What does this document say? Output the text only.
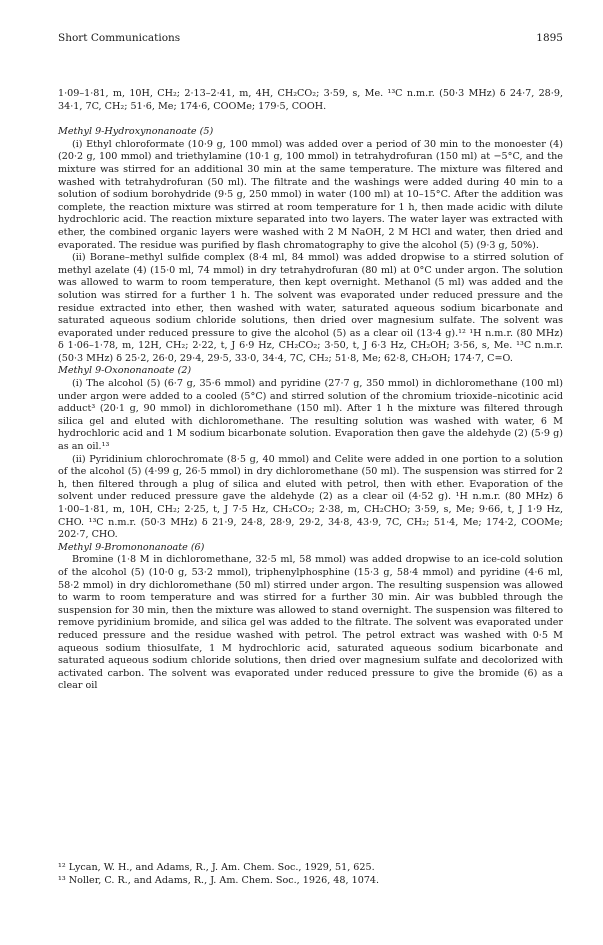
Short Communications	1895

1·09–1·81, m, 10H, CH₂; 2·13–2·41, m, 4H, CH₂CO₂; 3·59, s, Me. ¹³C n.m.r. (50·3 MHz) δ 24·7, 28·9, 34·1, 7C, CH₂; 51·6, Me; 174·6, COOMe; 179·5, COOH.

Methyl 9-Hydroxynonanoate (5)

(i) Ethyl chloroformate (10·9 g, 100 mmol) was added over a period of 30 min to the monoester (4) (20·2 g, 100 mmol) and triethylamine (10·1 g, 100 mmol) in tetrahydrofuran (150 ml) at −5°C, and the mixture was stirred for an additional 30 min at the same temperature. The mixture was filtered and washed with tetrahydrofuran (50 ml). The filtrate and the washings were added during 40 min to a solution of sodium borohydride (9·5 g, 250 mmol) in water (100 ml) at 10–15°C. After the addition was complete, the reaction mixture was stirred at room temperature for 1 h, then made acidic with dilute hydrochloric acid. The reaction mixture separated into two layers. The water layer was extracted with ether, the combined organic layers were washed with 2 M NaOH, 2 M HCl and water, then dried and evaporated. The residue was purified by flash chromatography to give the alcohol (5) (9·3 g, 50%).

(ii) Borane–methyl sulfide complex (8·4 ml, 84 mmol) was added dropwise to a stirred solution of methyl azelate (4) (15·0 ml, 74 mmol) in dry tetrahydrofuran (80 ml) at 0°C under argon. The solution was allowed to warm to room temperature, then kept overnight. Methanol (5 ml) was added and the solution was stirred for a further 1 h. The solvent was evaporated under reduced pressure and the residue extracted into ether, then washed with water, saturated aqueous sodium bicarbonate and saturated aqueous sodium chloride solutions, then dried over magnesium sulfate. The solvent was evaporated under reduced pressure to give the alcohol (5) as a clear oil (13·4 g).¹² ¹H n.m.r. (80 MHz) δ 1·06–1·78, m, 12H, CH₂; 2·22, t, J 6·9 Hz, CH₂CO₂; 3·50, t, J 6·3 Hz, CH₂OH; 3·56, s, Me. ¹³C n.m.r. (50·3 MHz) δ 25·2, 26·0, 29·4, 29·5, 33·0, 34·4, 7C, CH₂; 51·8, Me; 62·8, CH₂OH; 174·7, C=O.

Methyl 9-Oxononanoate (2)

(i) The alcohol (5) (6·7 g, 35·6 mmol) and pyridine (27·7 g, 350 mmol) in dichloromethane (100 ml) under argon were added to a cooled (5°C) and stirred solution of the chromium trioxide–nicotinic acid adduct³ (20·1 g, 90 mmol) in dichloromethane (150 ml). After 1 h the mixture was filtered through silica gel and eluted with dichloromethane. The resulting solution was washed with water, 6 M hydrochloric acid and 1 M sodium bicarbonate solution. Evaporation then gave the aldehyde (2) (5·9 g) as an oil.¹³

(ii) Pyridinium chlorochromate (8·5 g, 40 mmol) and Celite were added in one portion to a solution of the alcohol (5) (4·99 g, 26·5 mmol) in dry dichloromethane (50 ml). The suspension was stirred for 2 h, then filtered through a plug of silica and eluted with petrol, then with ether. Evaporation of the solvent under reduced pressure gave the aldehyde (2) as a clear oil (4·52 g). ¹H n.m.r. (80 MHz) δ 1·00–1·81, m, 10H, CH₂; 2·25, t, J 7·5 Hz, CH₂CO₂; 2·38, m, CH₂CHO; 3·59, s, Me; 9·66, t, J 1·9 Hz, CHO. ¹³C n.m.r. (50·3 MHz) δ 21·9, 24·8, 28·9, 29·2, 34·8, 43·9, 7C, CH₂; 51·4, Me; 174·2, COOMe; 202·7, CHO.

Methyl 9-Bromononanoate (6)

Bromine (1·8 M in dichloromethane, 32·5 ml, 58 mmol) was added dropwise to an ice-cold solution of the alcohol (5) (10·0 g, 53·2 mmol), triphenylphosphine (15·3 g, 58·4 mmol) and pyridine (4·6 ml, 58·2 mmol) in dry dichloromethane (50 ml) stirred under argon. The resulting suspension was allowed to warm to room temperature and was stirred for a further 30 min. Air was bubbled through the suspension for 30 min, then the mixture was allowed to stand overnight. The suspension was filtered to remove pyridinium bromide, and silica gel was added to the filtrate. The solvent was evaporated under reduced pressure and the residue washed with petrol. The petrol extract was washed with 0·5 M aqueous sodium thiosulfate, 1 M hydrochloric acid, saturated aqueous sodium bicarbonate and saturated aqueous sodium chloride solutions, then dried over magnesium sulfate and decolorized with activated carbon. The solvent was evaporated under reduced pressure to give the bromide (6) as a clear oil

¹² Lycan, W. H., and Adams, R., J. Am. Chem. Soc., 1929, 51, 625.

¹³ Noller, C. R., and Adams, R., J. Am. Chem. Soc., 1926, 48, 1074.
